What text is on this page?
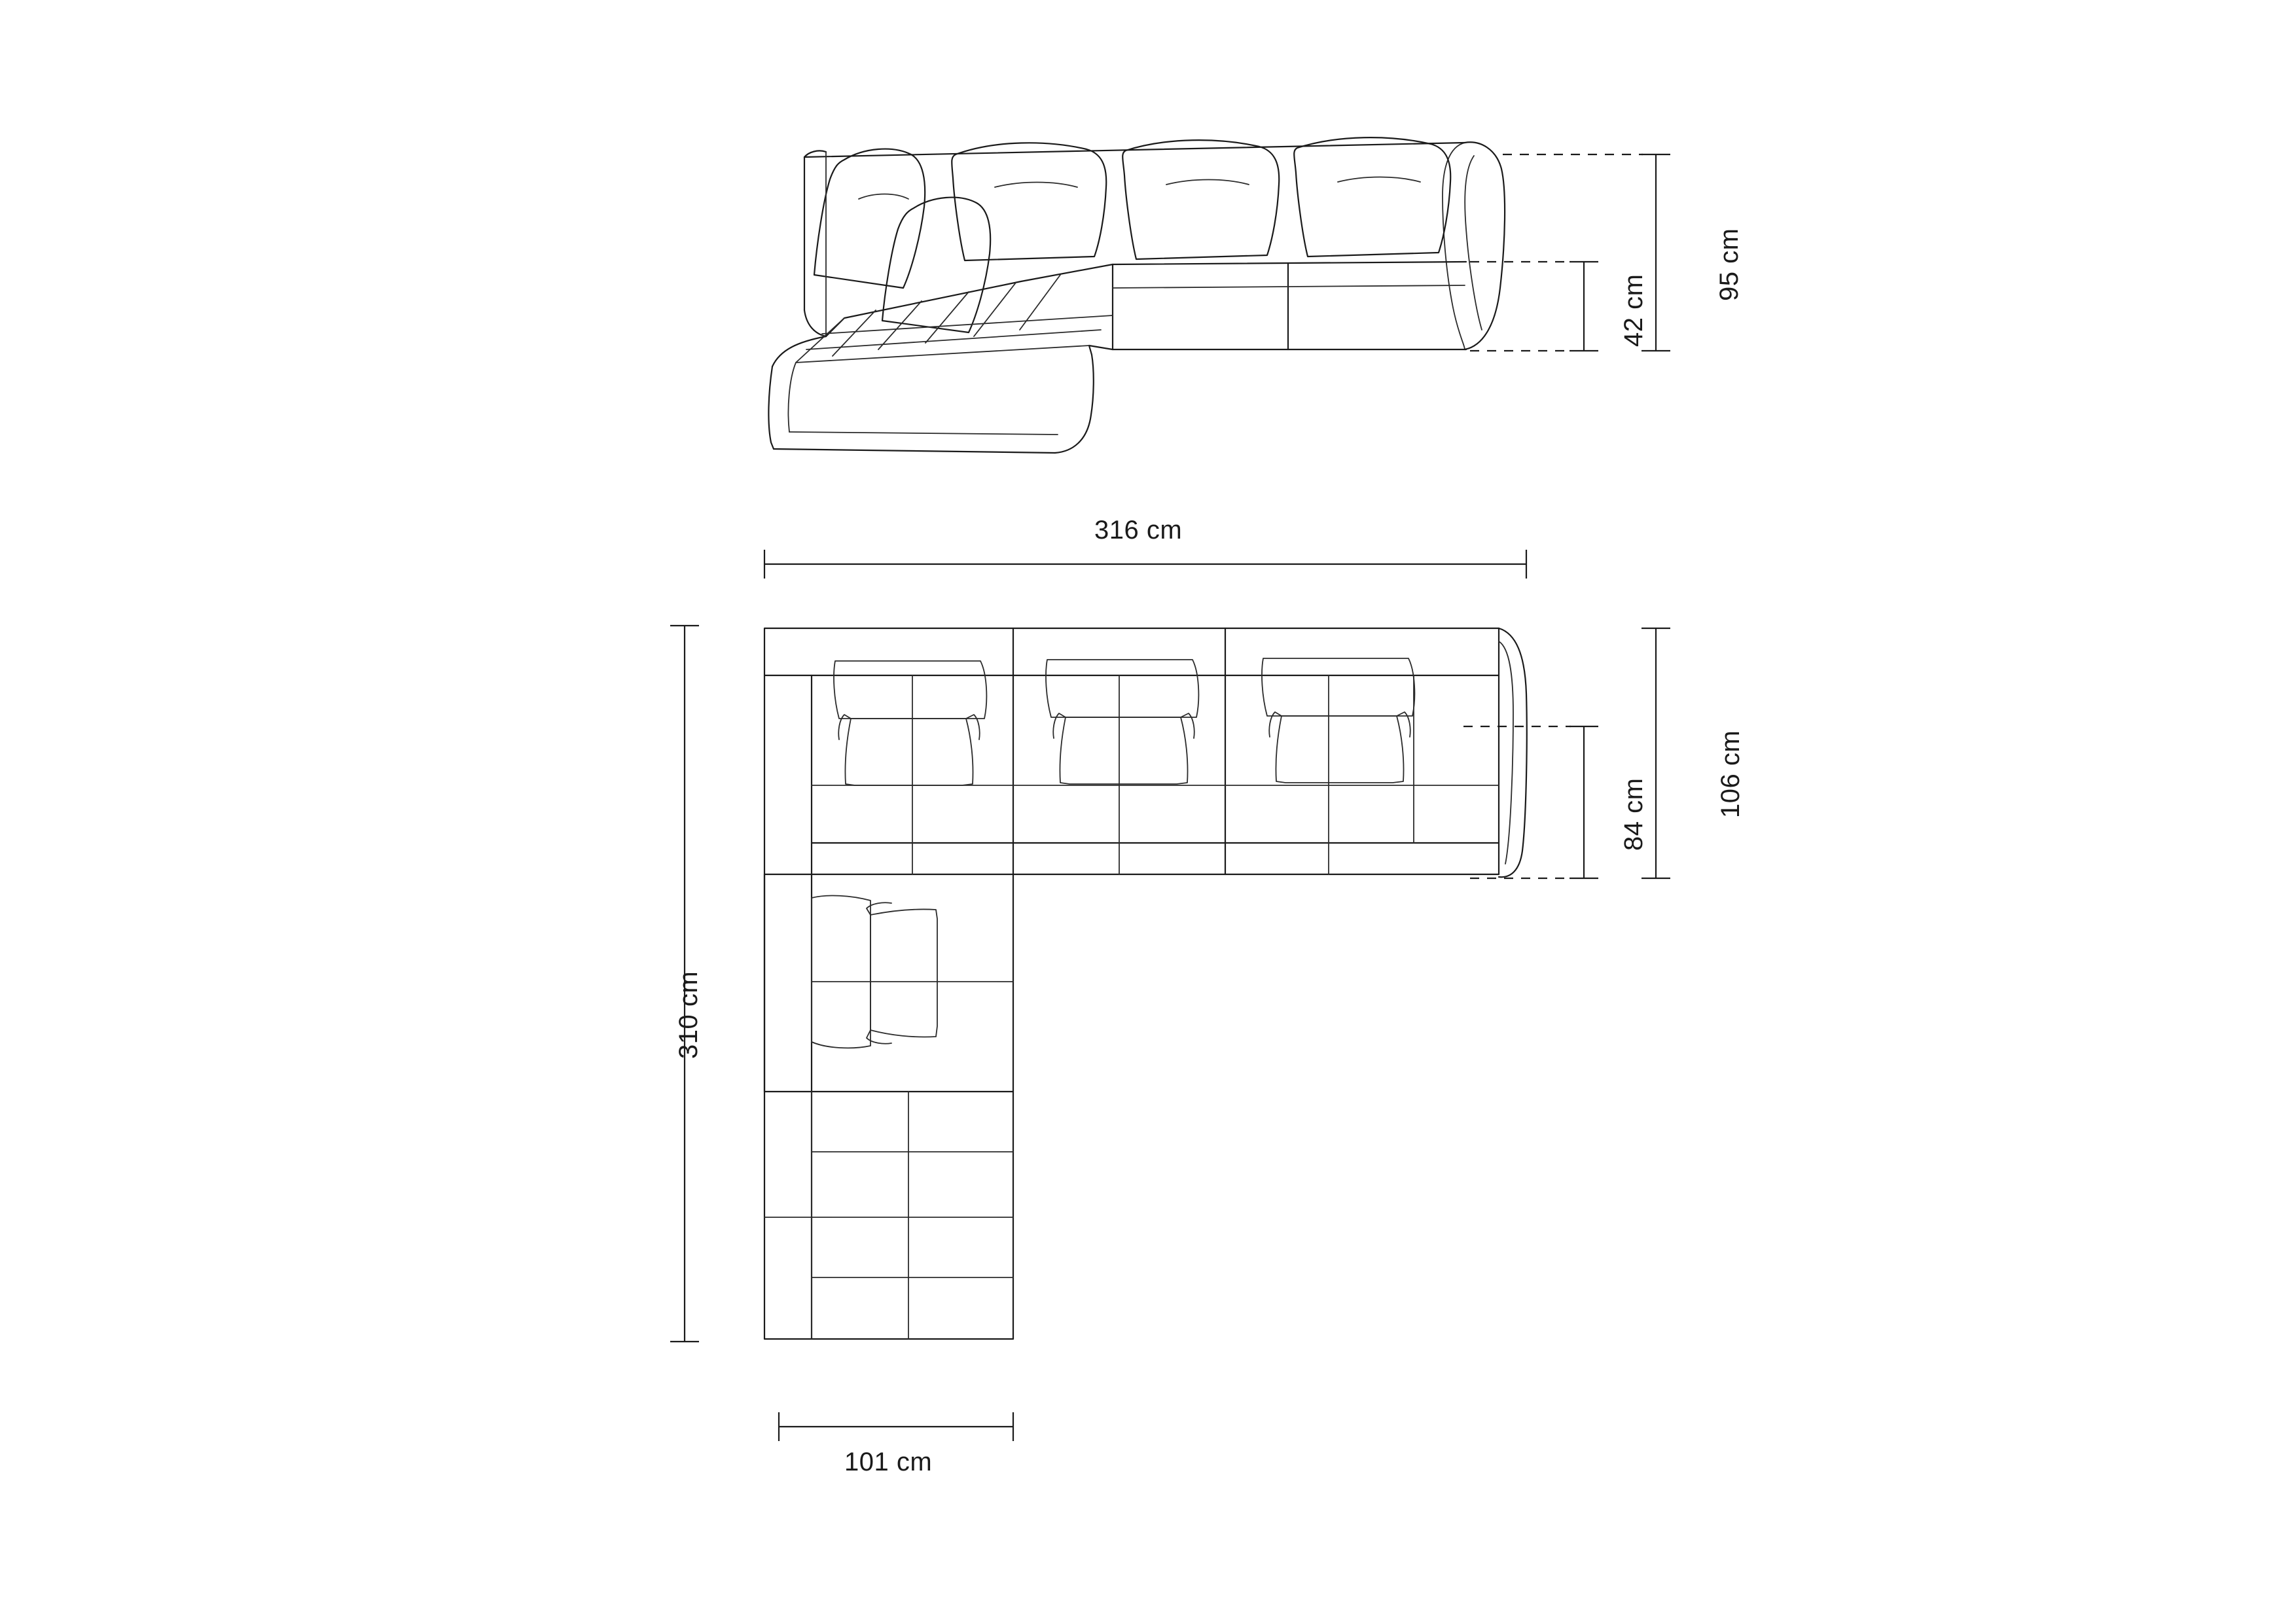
95 cm
42 cm
316 cm
106 cm
84 cm
310 cm
101 cm
